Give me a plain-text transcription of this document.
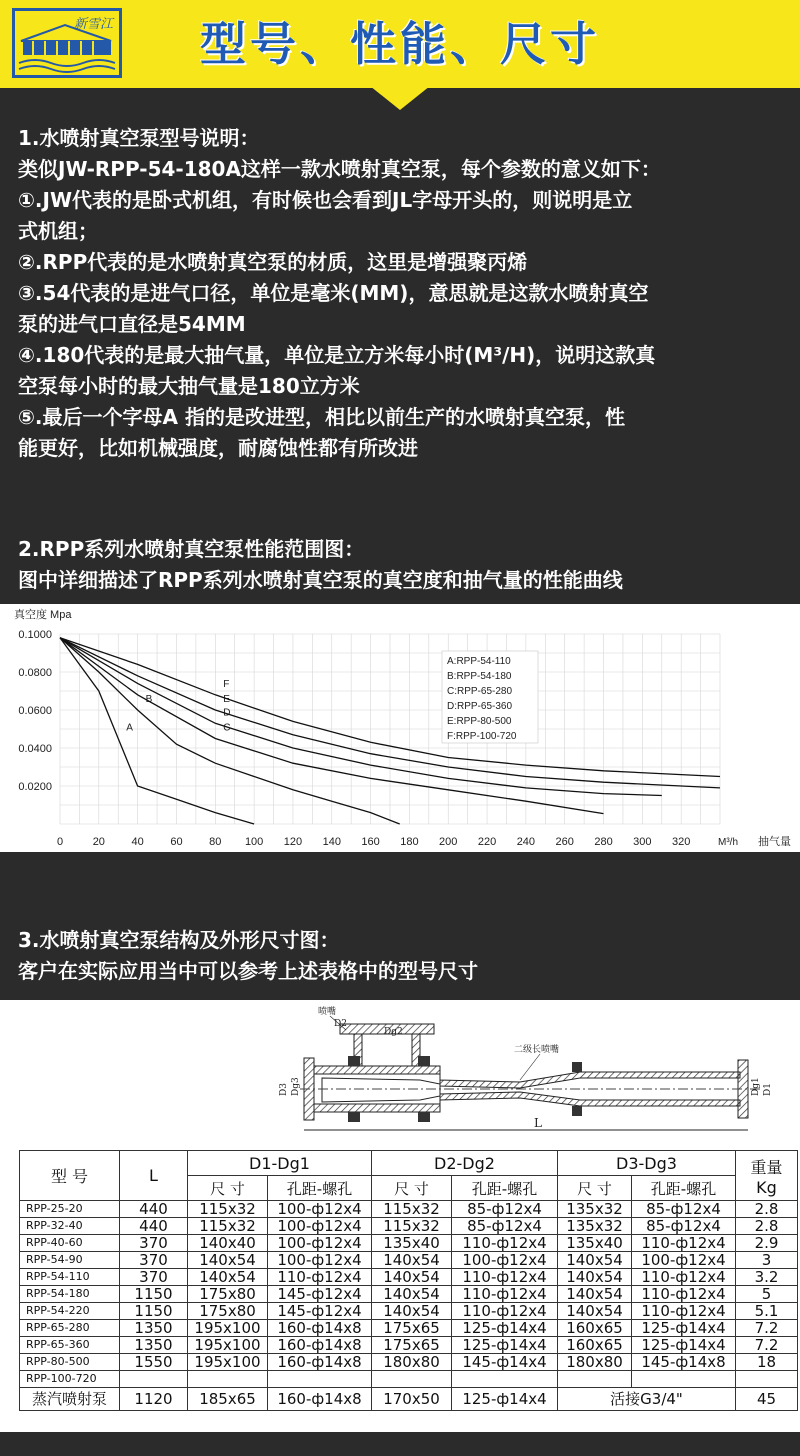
新雪江	型号、性能、尺寸
1.水喷射真空泵型号说明：
类似JW-RPP-54-180A这样一款水喷射真空泵，每个参数的意义如下：
①.JW代表的是卧式机组，有时候也会看到JL字母开头的，则说明是立
式机组；
②.RPP代表的是水喷射真空泵的材质，这里是增强聚丙烯
③.54代表的是进气口径，单位是毫米(MM)，意思就是这款水喷射真空
泵的进气口直径是54MM
④.180代表的是最大抽气量，单位是立方米每小时(M³/H)，说明这款真
空泵每小时的最大抽气量是180立方米
⑤.最后一个字母A 指的是改进型，相比以前生产的水喷射真空泵，性
能更好，比如机械强度，耐腐蚀性都有所改进
2.RPP系列水喷射真空泵性能范围图：
图中详细描述了RPP系列水喷射真空泵的真空度和抽气量的性能曲线
A
B
C
D
E
F
0	20 40 60 80 100 120 140 160 180 200 220 240 260 280 300 320
0.0200
0.0400
0.0600
0.0800
0.1000
真空度 Mpa
M³/h 抽气量
A:RPP-54-110
B:RPP-54-180
C:RPP-65-280
D:RPP-65-360
E:RPP-80-500
F:RPP-100-720
3.水喷射真空泵结构及外形尺寸图：
客户在实际应用当中可以参考上述表格中的型号尺寸
L
喷嘴
D2
Dg2
二级长喷嘴
D3 Dg3	D1
Dg1
型 号	L	D1-Dg1		D2-Dg2		D3-Dg3		重量
Kg

		尺 寸	孔距-螺孔	尺 寸	孔距-螺孔	尺 寸	孔距-螺孔	
RPP-25-20	440	115x32	100-ф12x4	115x32	85-ф12x4	135x32	85-ф12x4	2.8
RPP-32-40	440	115x32	100-ф12x4	115x32	85-ф12x4	135x32	85-ф12x4	2.8
RPP-40-60	370	140x40	100-ф12x4	135x40	110-ф12x4	135x40	110-ф12x4	2.9
RPP-54-90	370	140x54	100-ф12x4	140x54	100-ф12x4	140x54	100-ф12x4	3
RPP-54-110	370	140x54	110-ф12x4	140x54	110-ф12x4	140x54	110-ф12x4	3.2
RPP-54-180	1150	175x80	145-ф12x4	140x54	110-ф12x4	140x54	110-ф12x4	5
RPP-54-220	1150	175x80	145-ф12x4	140x54	110-ф12x4	140x54	110-ф12x4	5.1
RPP-65-280	1350	195x100	160-ф14x8	175x65	125-ф14x4	160x65	125-ф14x4	7.2
RPP-65-360	1350	195x100	160-ф14x8	175x65	125-ф14x4	160x65	125-ф14x4	7.2
RPP-80-500	1550	195x100	160-ф14x8	180x80	145-ф14x4	180x80	145-ф14x8	18
RPP-100-720								
蒸汽喷射泵	1120	185x65	160-ф14x8	170x50	125-ф14x4	活接G3/4"		45
